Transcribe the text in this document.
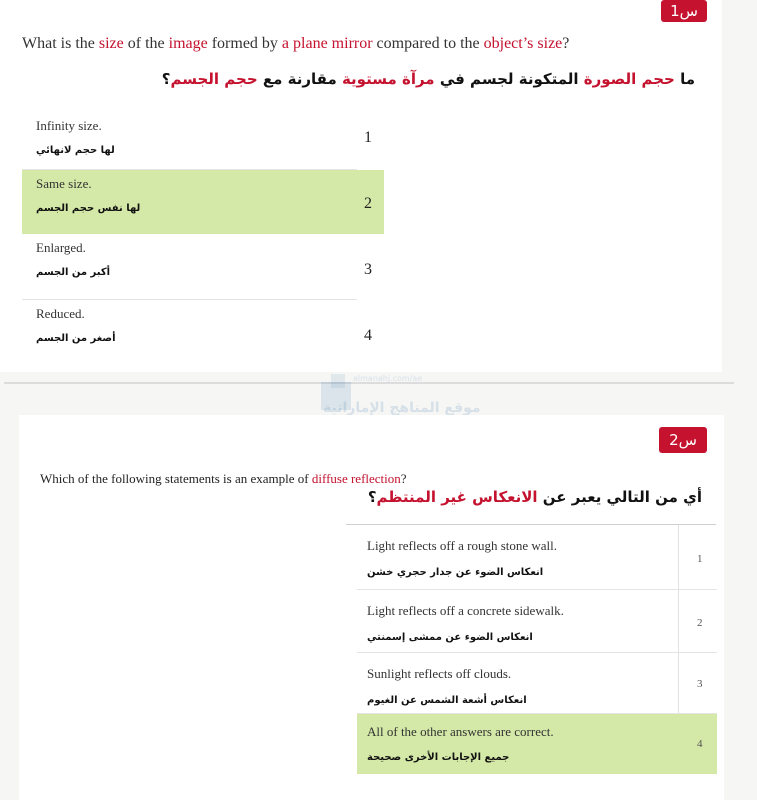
س1
What is the size of the image formed by a plane mirror compared to the object’s size?
ما حجم الصورة المتكونة لجسم في مرآة مستوية مقارنة مع حجم الجسم؟
Infinity size.
لها حجم لانهائي
1
Same size.
لها نفس حجم الجسم	2
Enlarged.
أكبر من الجسم	3
Reduced.
أصغر من الجسم	4
almanahj.com/ae
موقع المناهج الإماراتية
س2
Which of the following statements is an example of diffuse reflection?
أي من التالي يعبر عن الانعكاس غير المنتظم؟
Light reflects off a rough stone wall.
انعكاس الضوء عن جدار حجري خشن
1
Light reflects off a concrete sidewalk.
انعكاس الضوء عن ممشى إسمنتي
2
Sunlight reflects off clouds.
انعكاس أشعة الشمس عن الغيوم
3
All of the other answers are correct.
جميع الإجابات الأخرى صحيحة
4
